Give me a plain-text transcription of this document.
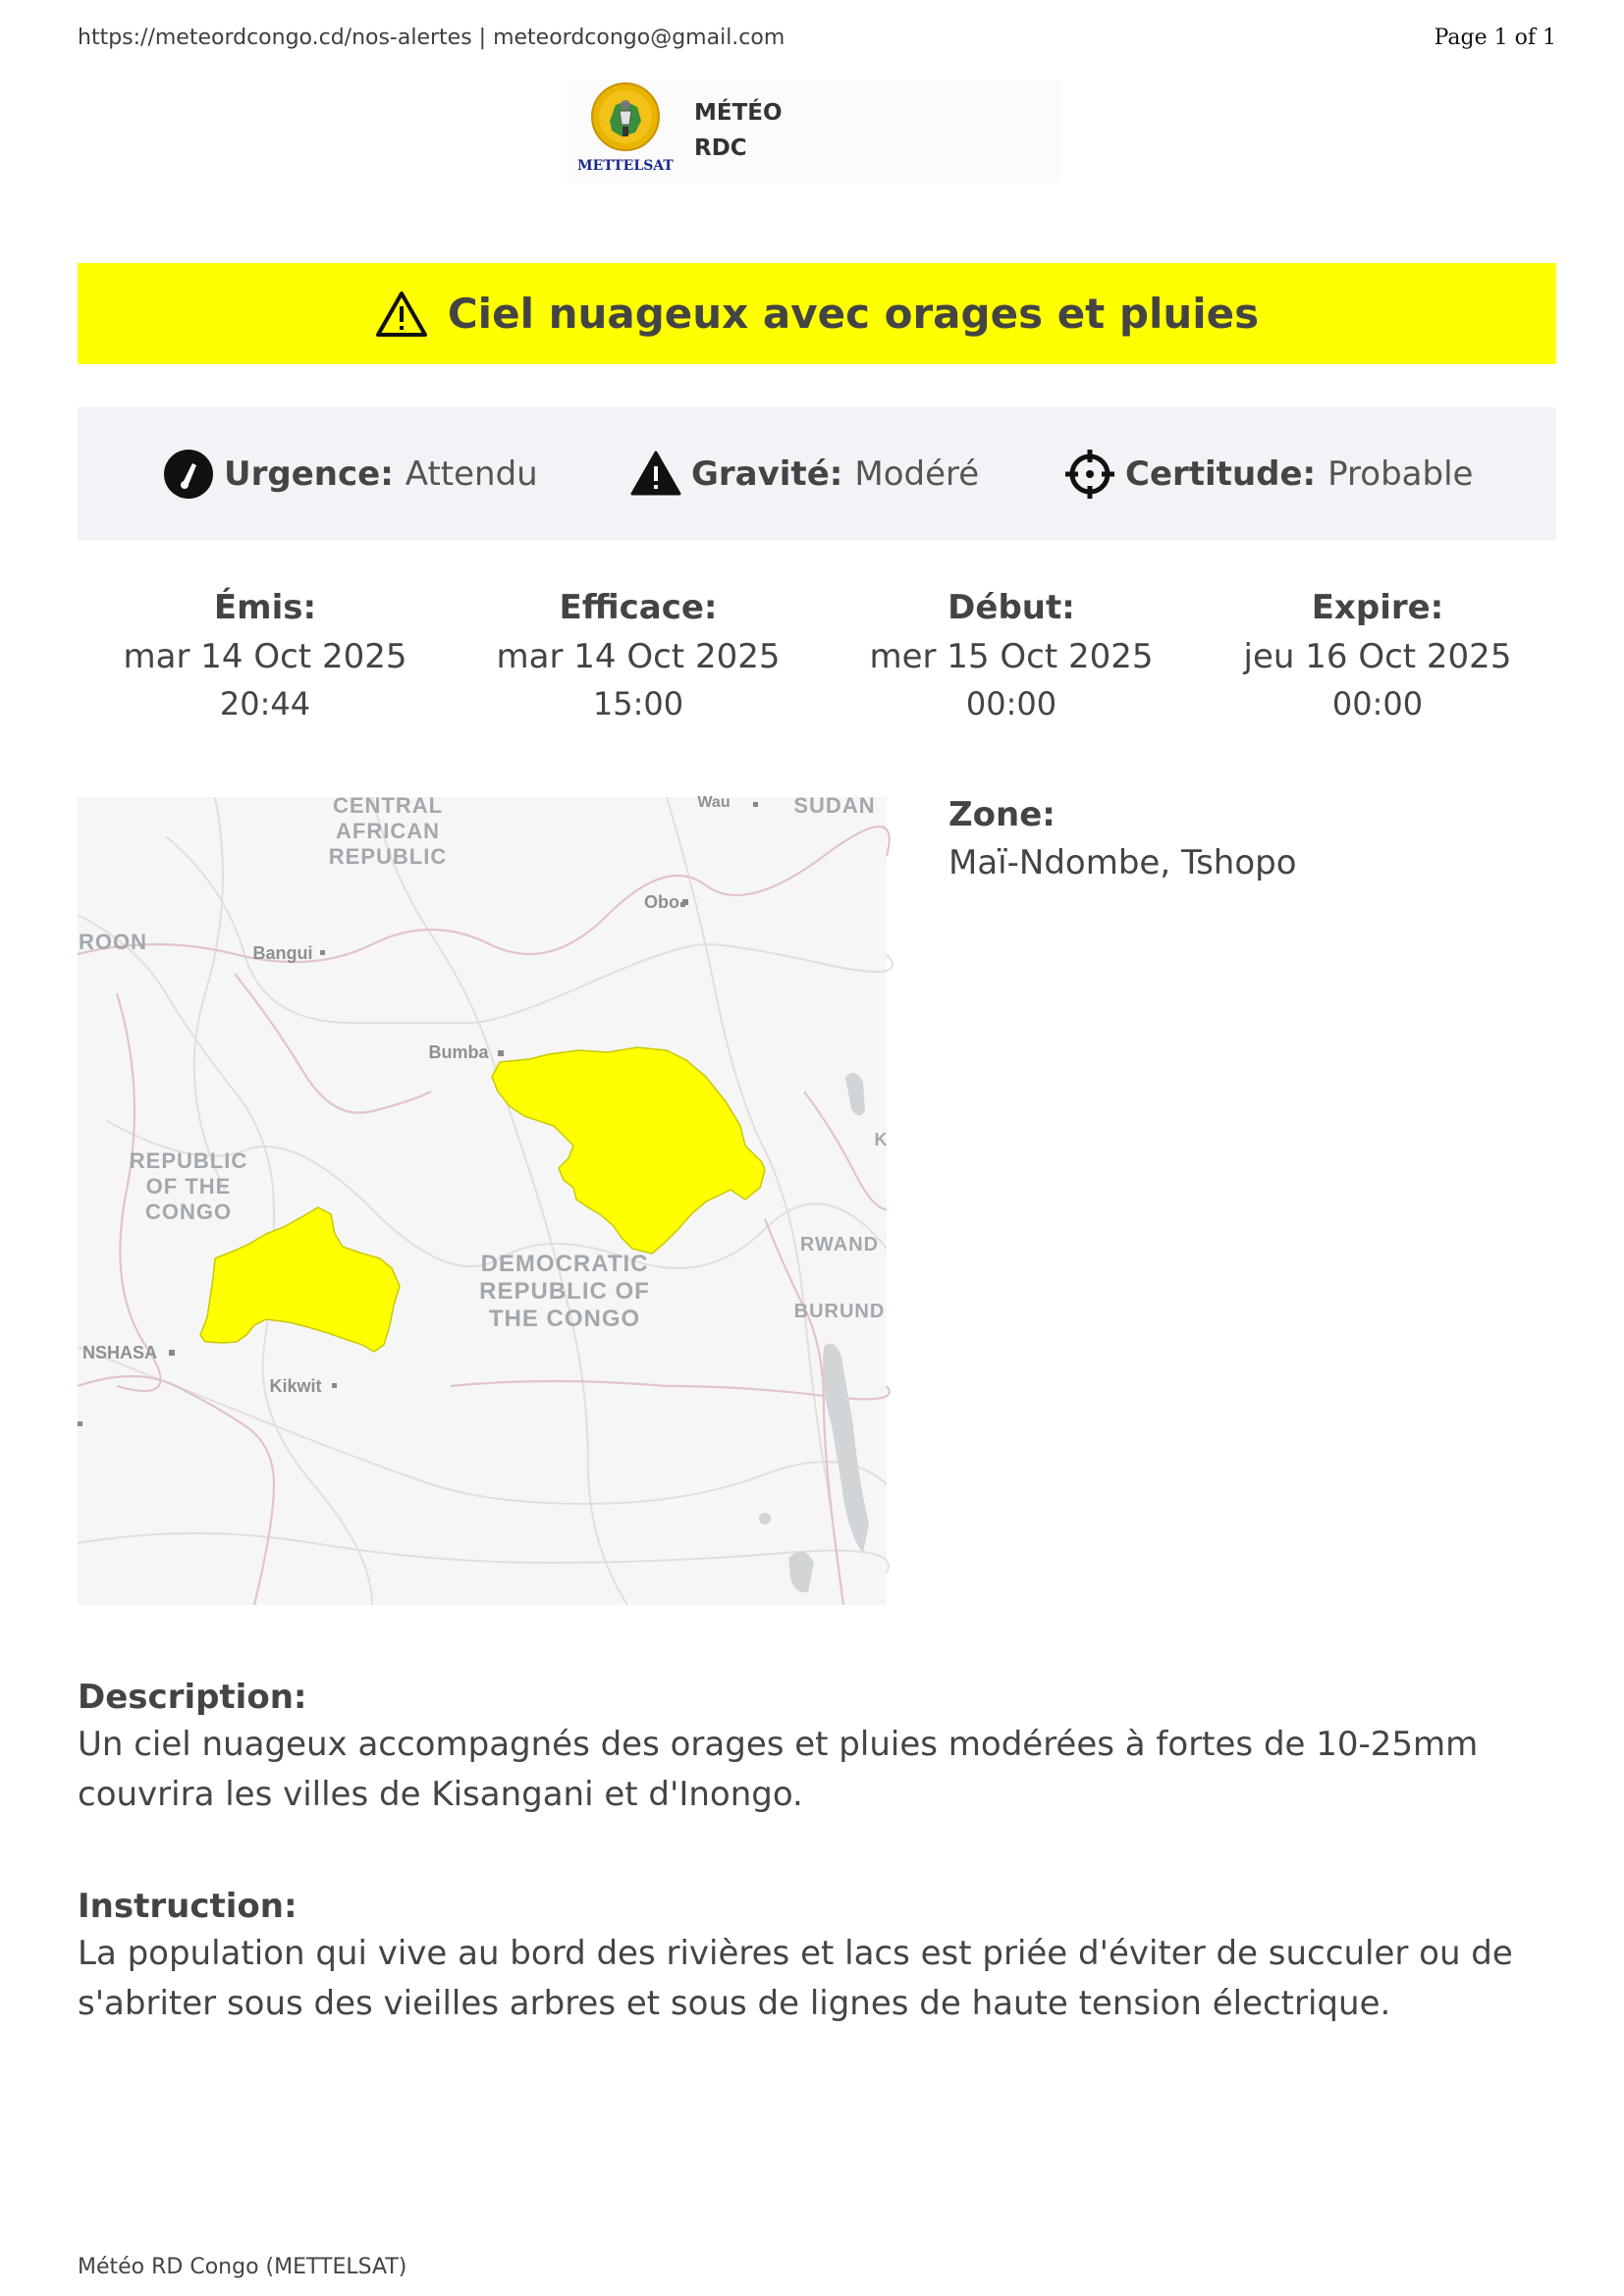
https://meteordcongo.cd/nos-alertes | meteordcongo@gmail.com	Page 1 of 1
METTELSAT
MÉTÉO
RDC
Ciel nuageux avec orages et pluies
Urgence: Attendu	Gravité: Modéré	Certitude: Probable
Émis:
mar 14 Oct 2025
20:44
Efficace:
mar 14 Oct 2025
15:00
Début:
mer 15 Oct 2025
00:00
Expire:
jeu 16 Oct 2025
00:00
CENTRAL
AFRICAN
REPUBLIC
SUDAN
REPUBLIC
OF THE
CONGO
DEMOCRATIC
REPUBLIC OF
THE CONGO
RWAND
BURUND
ROON
K
Wau
Obo
Bangui
Bumba
NSHASA
Kikwit
Zone:
Maï-Ndombe, Tshopo
Description:
Un ciel nuageux accompagnés des orages et pluies modérées à fortes de 10-25mm
couvrira les villes de Kisangani et d'Inongo.
Instruction:
La population qui vive au bord des rivières et lacs est priée d'éviter de succuler ou de
s'abriter sous des vieilles arbres et sous de lignes de haute tension électrique.
Météo RD Congo (METTELSAT)
